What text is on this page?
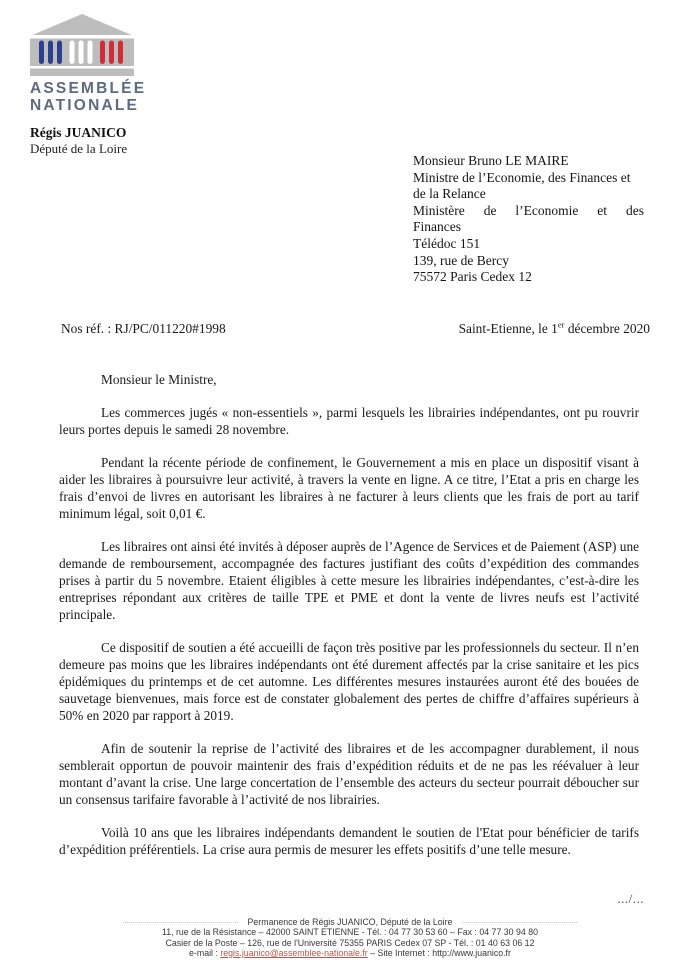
ASSEMBLÉE
NATIONALE
Régis JUANICO
Député de la Loire
Monsieur Bruno LE MAIRE
Ministre de l’Economie, des Finances et
de la Relance
Ministère de l’Economie et des
Finances
Télédoc 151
139, rue de Bercy
75572 Paris Cedex 12
Nos réf. : RJ/PC/011220#1998	Saint-Etienne, le 1er décembre 2020

Monsieur le Ministre,

Les commerces jugés « non-essentiels », parmi lesquels les librairies indépendantes, ont pu rouvrir leurs portes depuis le samedi 28 novembre.

Pendant la récente période de confinement, le Gouvernement a mis en place un dispositif visant à aider les libraires à poursuivre leur activité, à travers la vente en ligne. A ce titre, l’Etat a pris en charge les frais d’envoi de livres en autorisant les libraires à ne facturer à leurs clients que les frais de port au tarif minimum légal, soit 0,01 €.

Les libraires ont ainsi été invités à déposer auprès de l’Agence de Services et de Paiement (ASP) une demande de remboursement, accompagnée des factures justifiant des coûts d’expédition des commandes prises à partir du 5 novembre. Etaient éligibles à cette mesure les librairies indépendantes, c’est-à-dire les entreprises répondant aux critères de taille TPE et PME et dont la vente de livres neufs est l’activité principale.

Ce dispositif de soutien a été accueilli de façon très positive par les professionnels du secteur. Il n’en demeure pas moins que les libraires indépendants ont été durement affectés par la crise sanitaire et les pics épidémiques du printemps et de cet automne. Les différentes mesures instaurées auront été des bouées de sauvetage bienvenues, mais force est de constater globalement des pertes de chiffre d’affaires supérieurs à 50% en 2020 par rapport à 2019.

Afin de soutenir la reprise de l’activité des libraires et de les accompagner durablement, il nous semblerait opportun de pouvoir maintenir des frais d’expédition réduits et de ne pas les réévaluer à leur montant d’avant la crise. Une large concertation de l’ensemble des acteurs du secteur pourrait déboucher sur un consensus tarifaire favorable à l’activité de nos librairies.

Voilà 10 ans que les libraires indépendants demandent le soutien de l'Etat pour bénéficier de tarifs d’expédition préférentiels. La crise aura permis de mesurer les effets positifs d’une telle mesure.

.../...
Permanence de Régis JUANICO, Député de la Loire
11, rue de la Résistance – 42000 SAINT ETIENNE - Tél. : 04 77 30 53 60 – Fax : 04 77 30 94 80
Casier de la Poste – 126, rue de l'Université 75355 PARIS Cedex 07 SP - Tél. : 01 40 63 06 12
e-mail : regis.juanico@assemblee-nationale.fr – Site Internet : http://www.juanico.fr
